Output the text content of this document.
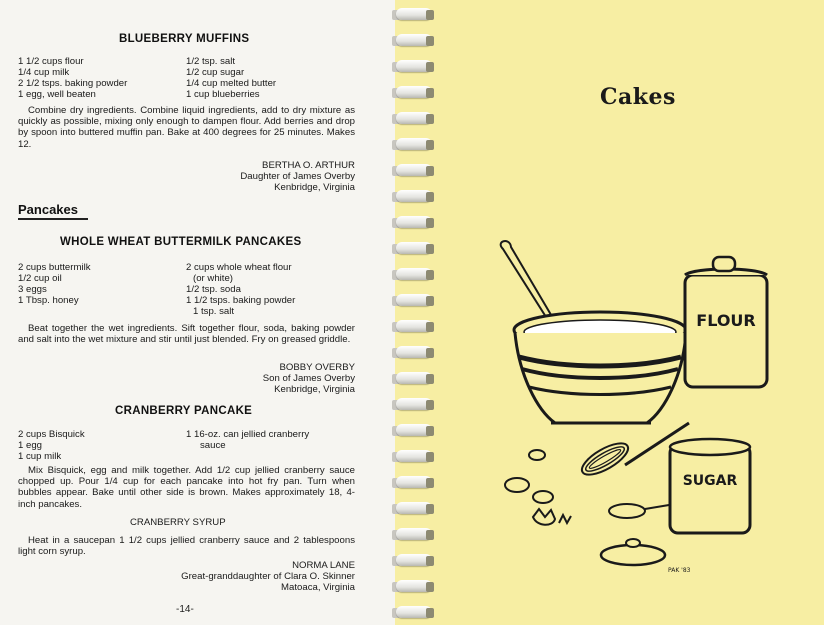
BLUEBERRY MUFFINS
1 1/2 cups flour
1/4 cup milk
2 1/2 tsps. baking powder
1 egg, well beaten
1/2 tsp. salt
1/2 cup sugar
1/4 cup melted butter
1 cup blueberries
Combine dry ingredients. Combine liquid ingredients, add to dry mixture as quickly as possible, mixing only enough to dampen flour. Add berries and drop by spoon into buttered muffin pan. Bake at 400 degrees for 25 minutes. Makes 12.
BERTHA O. ARTHUR
Daughter of James Overby
Kenbridge, Virginia
Pancakes
WHOLE WHEAT BUTTERMILK PANCAKES
2 cups buttermilk
1/2 cup oil
3 eggs
1 Tbsp. honey
2 cups whole wheat flour
(or white)
1/2 tsp. soda
1 1/2 tsps. baking powder
1 tsp. salt
Beat together the wet ingredients. Sift together flour, soda, baking powder and salt into the wet mixture and stir until just blended. Fry on greased griddle.
BOBBY OVERBY
Son of James Overby
Kenbridge, Virginia
CRANBERRY PANCAKE
2 cups Bisquick
1 egg
1 cup milk
1 16-oz. can jellied cranberry
sauce
Mix Bisquick, egg and milk together. Add 1/2 cup jellied cranberry sauce chopped up. Pour 1/4 cup for each pancake into hot fry pan. Turn when bubbles appear. Bake until other side is brown. Makes approximately 18, 4-inch pancakes.
CRANBERRY SYRUP
Heat in a saucepan 1 1/2 cups jellied cranberry sauce and 2 tablespoons light corn syrup.
NORMA LANE
Great-granddaughter of Clara O. Skinner
Matoaca, Virginia
-14-
Cakes
FLOUR
SUGAR
PAK '83
